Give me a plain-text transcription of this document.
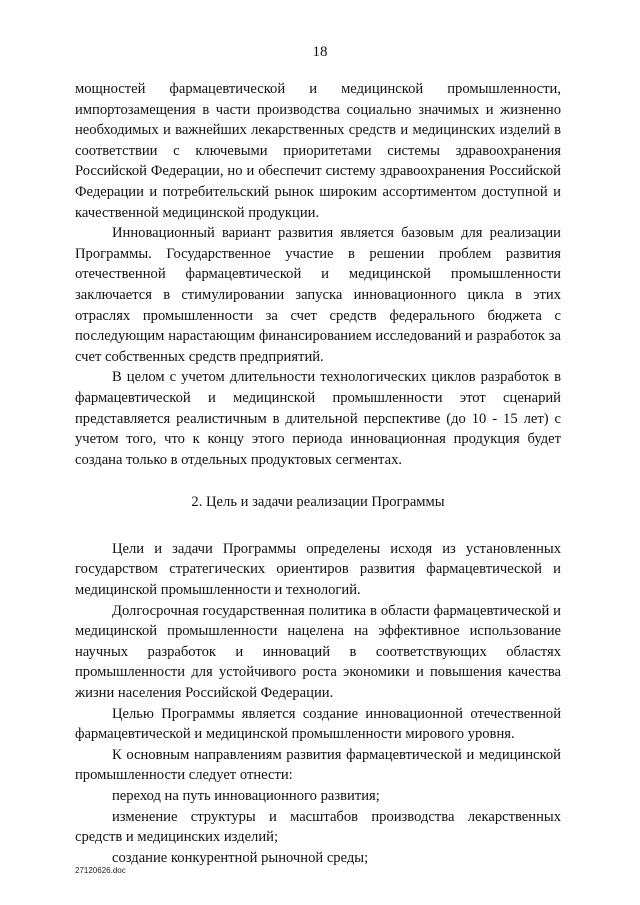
18

мощностей фармацевтической и медицинской промышленности, импортозамещения в части производства социально значимых и жизненно необходимых и важнейших лекарственных средств и медицинских изделий в соответствии с ключевыми приоритетами системы здравоохранения Российской Федерации, но и обеспечит систему здравоохранения Российской Федерации и потребительский рынок широким ассортиментом доступной и качественной медицинской продукции.

Инновационный вариант развития является базовым для реализации Программы. Государственное участие в решении проблем развития отечественной фармацевтической и медицинской промышленности заключается в стимулировании запуска инновационного цикла в этих отраслях промышленности за счет средств федерального бюджета с последующим нарастающим финансированием исследований и разработок за счет собственных средств предприятий.

В целом с учетом длительности технологических циклов разработок в фармацевтической и медицинской промышленности этот сценарий представляется реалистичным в длительной перспективе (до 10 - 15 лет) с учетом того, что к концу этого периода инновационная продукция будет создана только в отдельных продуктовых сегментах.

2. Цель и задачи реализации Программы

Цели и задачи Программы определены исходя из установленных государством стратегических ориентиров развития фармацевтической и медицинской промышленности и технологий.

Долгосрочная государственная политика в области фармацевтической и медицинской промышленности нацелена на эффективное использование научных разработок и инноваций в соответствующих областях промышленности для устойчивого роста экономики и повышения качества жизни населения Российской Федерации.

Целью Программы является создание инновационной отечественной фармацевтической и медицинской промышленности мирового уровня.

К основным направлениям развития фармацевтической и медицинской промышленности следует отнести:

переход на путь инновационного развития;

изменение структуры и масштабов производства лекарственных средств и медицинских изделий;

создание конкурентной рыночной среды;

27120626.doc
